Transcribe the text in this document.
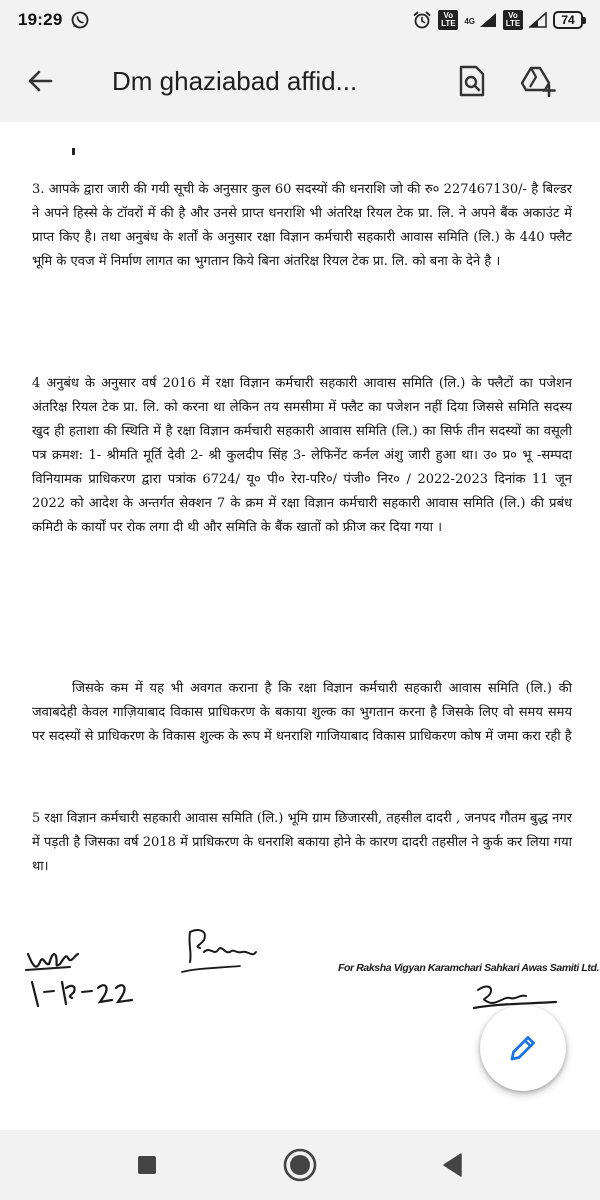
19:29	Vo
LTE	4G
Vo
LTE	74
Dm ghaziabad affid...

3. आपके द्वारा जारी की गयी सूची के अनुसार कुल 60 सदस्यों की धनराशि जो की रु० 227467130/- है बिल्डर ने अपने हिस्से के टॉवरों में की है और उनसे प्राप्त धनराशि भी अंतरिक्ष रियल टेक प्रा. लि. ने अपने बैंक अकाउंट में प्राप्त किए है। तथा अनुबंध के शर्तों के अनुसार रक्षा विज्ञान कर्मचारी सहकारी आवास समिति (लि.) के 440 फ्लैट भूमि के एवज में निर्माण लागत का भुगतान किये बिना अंतरिक्ष रियल टेक प्रा. लि. को बना के देने है ।

4 अनुबंध के अनुसार वर्ष 2016 में रक्षा विज्ञान कर्मचारी सहकारी आवास समिति (लि.) के फ्लैटों का पजेशन अंतरिक्ष रियल टेक प्रा. लि. को करना था लेकिन तय समसीमा में फ्लैट का पजेशन नहीं दिया जिससे समिति सदस्य खुद ही हताशा की स्थिति में है रक्षा विज्ञान कर्मचारी सहकारी आवास समिति (लि.) का सिर्फ तीन सदस्यों का वसूली पत्र क्रमश: 1- श्रीमति मूर्ति देवी 2- श्री कुलदीप सिंह 3- लेफिनेंट कर्नल अंशु जारी हुआ था। उ० प्र० भू -सम्पदा विनियामक प्राधिकरण द्वारा पत्रांक 6724/ यू० पी० रेरा-परि०/ पंजी० निर० / 2022-2023 दिनांक 11 जून 2022 को आदेश के अन्तर्गत सेक्शन 7 के क्रम में रक्षा विज्ञान कर्मचारी सहकारी आवास समिति (लि.) की प्रबंध कमिटी के कार्यों पर रोक लगा दी थी और समिति के बैंक खातों को फ्रीज कर दिया गया ।

जिसके कम में यह भी अवगत कराना है कि रक्षा विज्ञान कर्मचारी सहकारी आवास समिति (लि.) की जवाबदेही केवल गाज़ियाबाद विकास प्राधिकरण के बकाया शुल्क का भुगतान करना है जिसके लिए वो समय समय पर सदस्यों से प्राधिकरण के विकास शुल्क के रूप में धनराशि गाजियाबाद विकास प्राधिकरण कोष में जमा करा रही है

5 रक्षा विज्ञान कर्मचारी सहकारी आवास समिति (लि.) भूमि ग्राम छिजारसी, तहसील दादरी , जनपद गौतम बुद्ध नगर में पड़ती है जिसका वर्ष 2018 में प्राधिकरण के धनराशि बकाया होने के कारण दादरी तहसील ने कुर्क कर लिया गया था।

For Raksha Vigyan Karamchari Sahkari Awas Samiti Ltd.
